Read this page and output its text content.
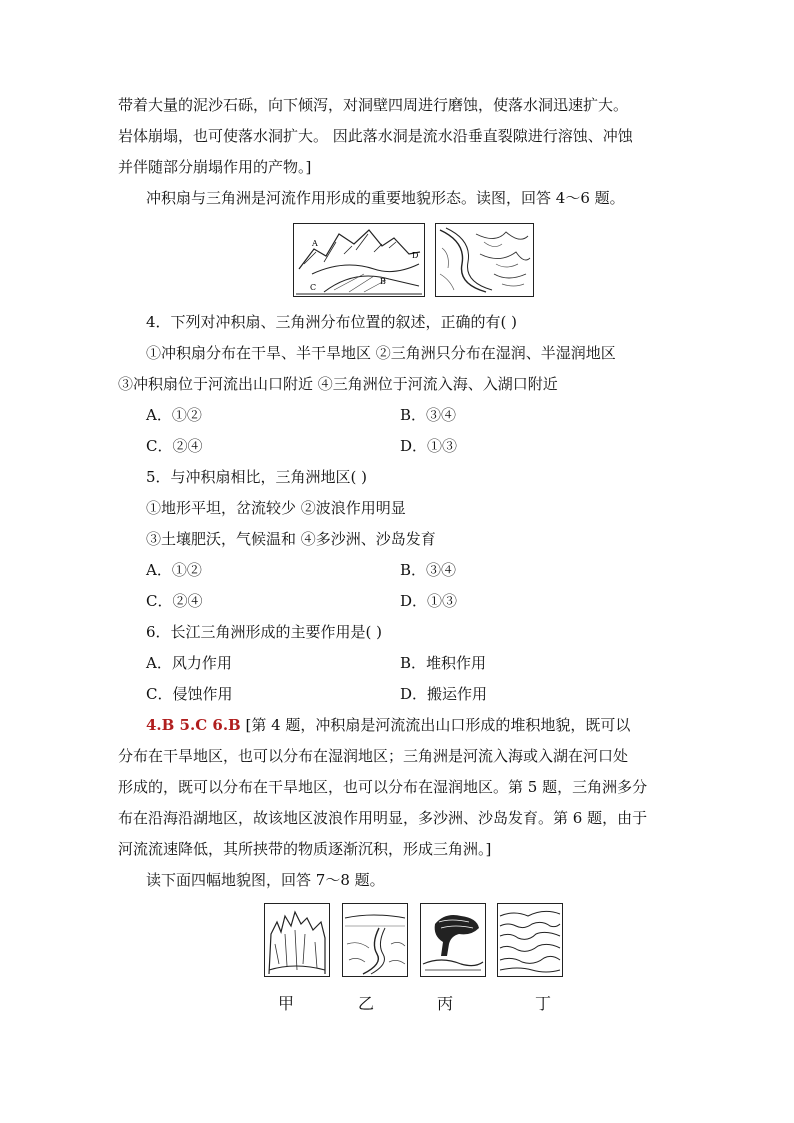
带着大量的泥沙石砾，向下倾泻，对洞壁四周进行磨蚀，使落水洞迅速扩大。
岩体崩塌，也可使落水洞扩大。 因此落水洞是流水沿垂直裂隙进行溶蚀、冲蚀
并伴随部分崩塌作用的产物。]
冲积扇与三角洲是河流作用形成的重要地貌形态。读图，回答 4～6 题。
A
D
B
C
4．下列对冲积扇、三角洲分布位置的叙述，正确的有( )
①冲积扇分布在干旱、半干旱地区 ②三角洲只分布在湿润、半湿润地区
③冲积扇位于河流出山口附近 ④三角洲位于河流入海、入湖口附近
A．①②	B．③④
C．②④	D．①③
5．与冲积扇相比，三角洲地区( )
①地形平坦，岔流较少 ②波浪作用明显
③土壤肥沃，气候温和 ④多沙洲、沙岛发育
A．①②	B．③④
C．②④	D．①③
6．长江三角洲形成的主要作用是( )
A．风力作用	B．堆积作用
C．侵蚀作用	D．搬运作用
4.B 5.C 6.B [第 4 题，冲积扇是河流流出山口形成的堆积地貌，既可以
分布在干旱地区，也可以分布在湿润地区；三角洲是河流入海或入湖在河口处
形成的，既可以分布在干旱地区，也可以分布在湿润地区。第 5 题，三角洲多分
布在沿海沿湖地区，故该地区波浪作用明显，多沙洲、沙岛发育。第 6 题，由于
河流流速降低，其所挟带的物质逐渐沉积，形成三角洲。]
读下面四幅地貌图，回答 7～8 题。
甲	乙	丙	丁
